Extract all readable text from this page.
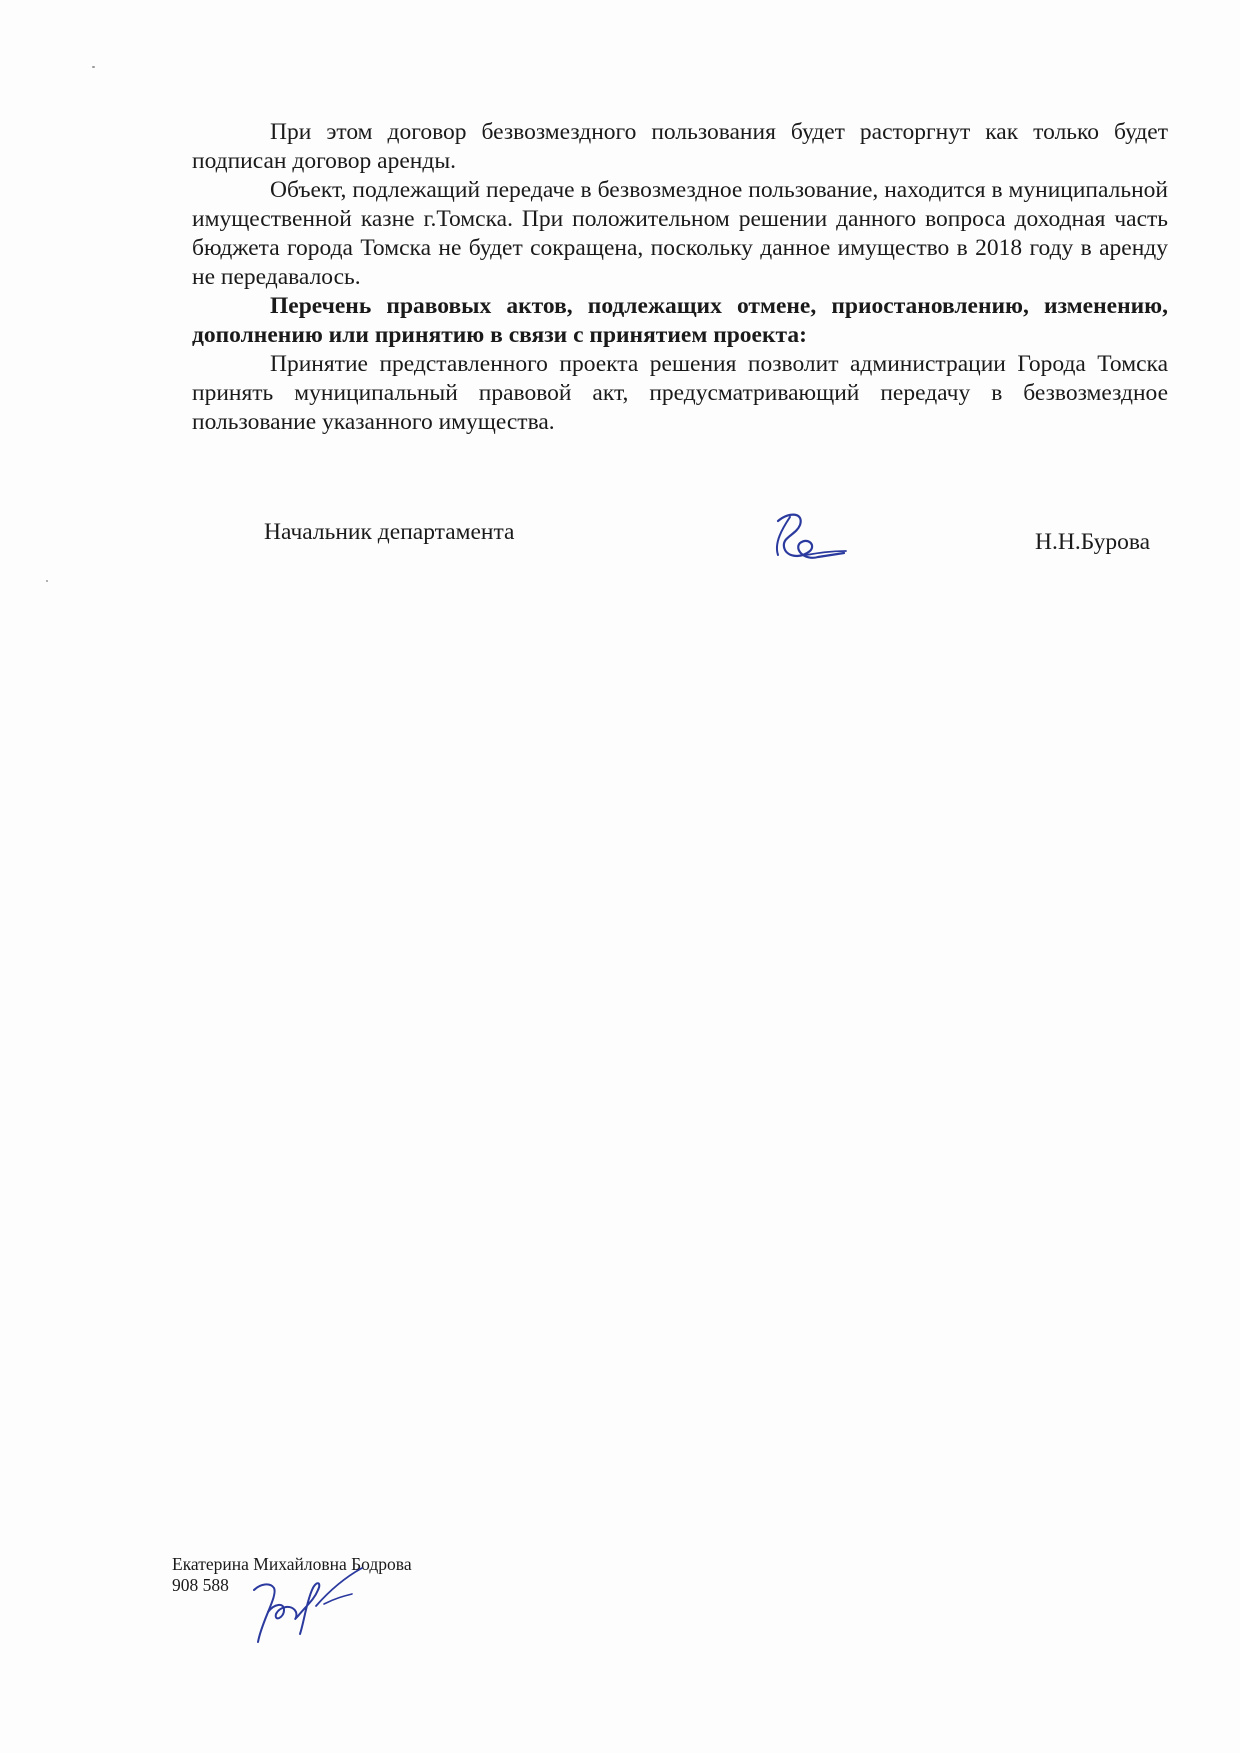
При этом договор безвозмездного пользования будет расторгнут как только будет подписан договор аренды.

Объект, подлежащий передаче в безвозмездное пользование, находится в муниципальной имущественной казне г.Томска. При положительном решении данного вопроса доходная часть бюджета города Томска не будет сокращена, поскольку данное имущество в 2018 году в аренду не передавалось.

Перечень правовых актов, подлежащих отмене, приостановлению, изменению, дополнению или принятию в связи с принятием проекта:

Принятие представленного проекта решения позволит администрации Города Томска принять муниципальный правовой акт, предусматривающий передачу в безвозмездное пользование указанного имущества.

Начальник департамента	Н.Н.Бурова
Екатерина Михайловна Бодрова
908 588
